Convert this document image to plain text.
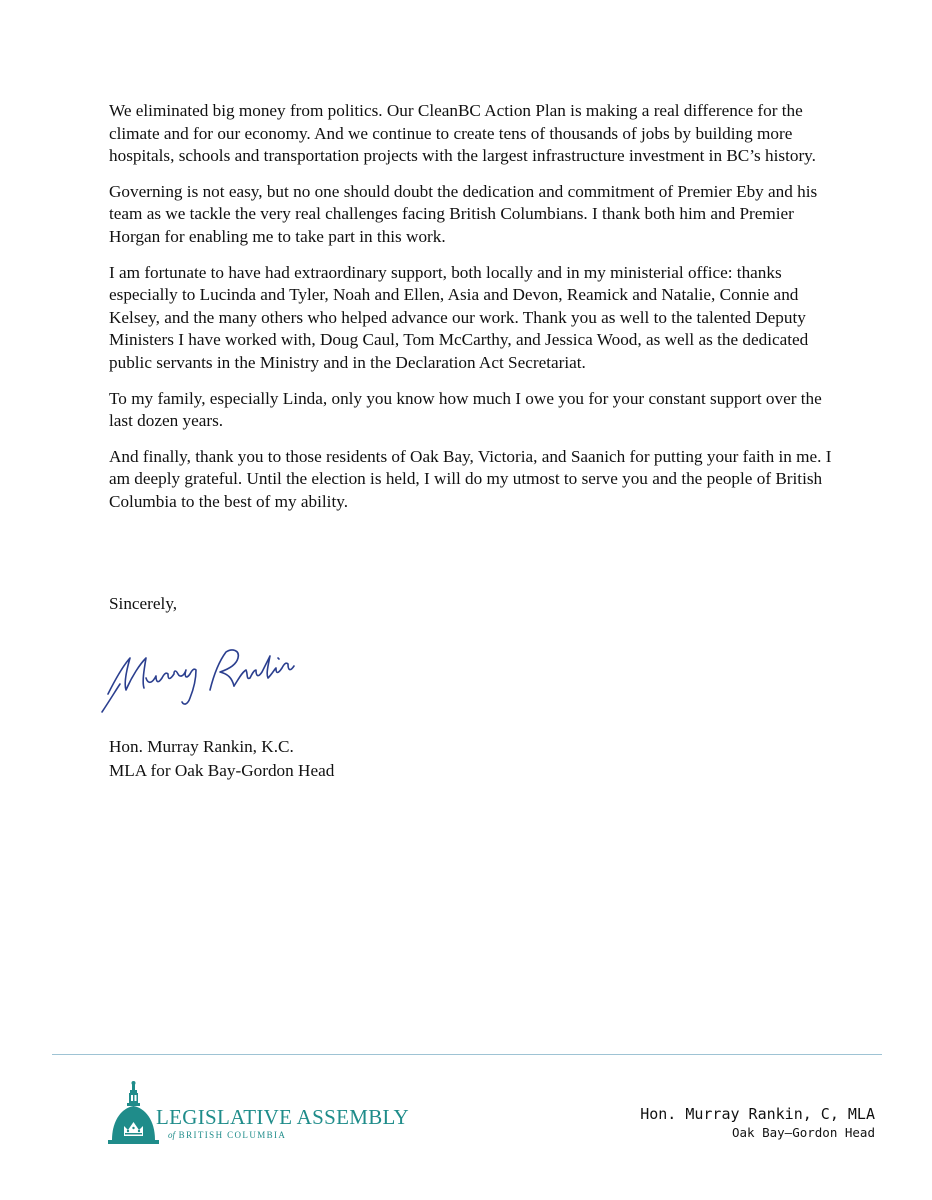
We eliminated big money from politics. Our CleanBC Action Plan is making a real difference for the climate and for our economy. And we continue to create tens of thousands of jobs by building more hospitals, schools and transportation projects with the largest infrastructure investment in BC’s history.

Governing is not easy, but no one should doubt the dedication and commitment of Premier Eby and his team as we tackle the very real challenges facing British Columbians. I thank both him and Premier Horgan for enabling me to take part in this work.

I am fortunate to have had extraordinary support, both locally and in my ministerial office: thanks especially to Lucinda and Tyler, Noah and Ellen, Asia and Devon, Reamick and Natalie, Connie and Kelsey, and the many others who helped advance our work. Thank you as well to the talented Deputy Ministers I have worked with, Doug Caul, Tom McCarthy, and Jessica Wood, as well as the dedicated public servants in the Ministry and in the Declaration Act Secretariat.

To my family, especially Linda, only you know how much I owe you for your constant support over the last dozen years.

And finally, thank you to those residents of Oak Bay, Victoria, and Saanich for putting your faith in me. I am deeply grateful. Until the election is held, I will do my utmost to serve you and the people of British Columbia to the best of my ability.

Sincerely,
Hon. Murray Rankin, K.C.
MLA for Oak Bay-Gordon Head
LEGISLATIVE ASSEMBLY
of BRITISH COLUMBIA
Hon. Murray Rankin, C, MLA
Oak Bay–Gordon Head
